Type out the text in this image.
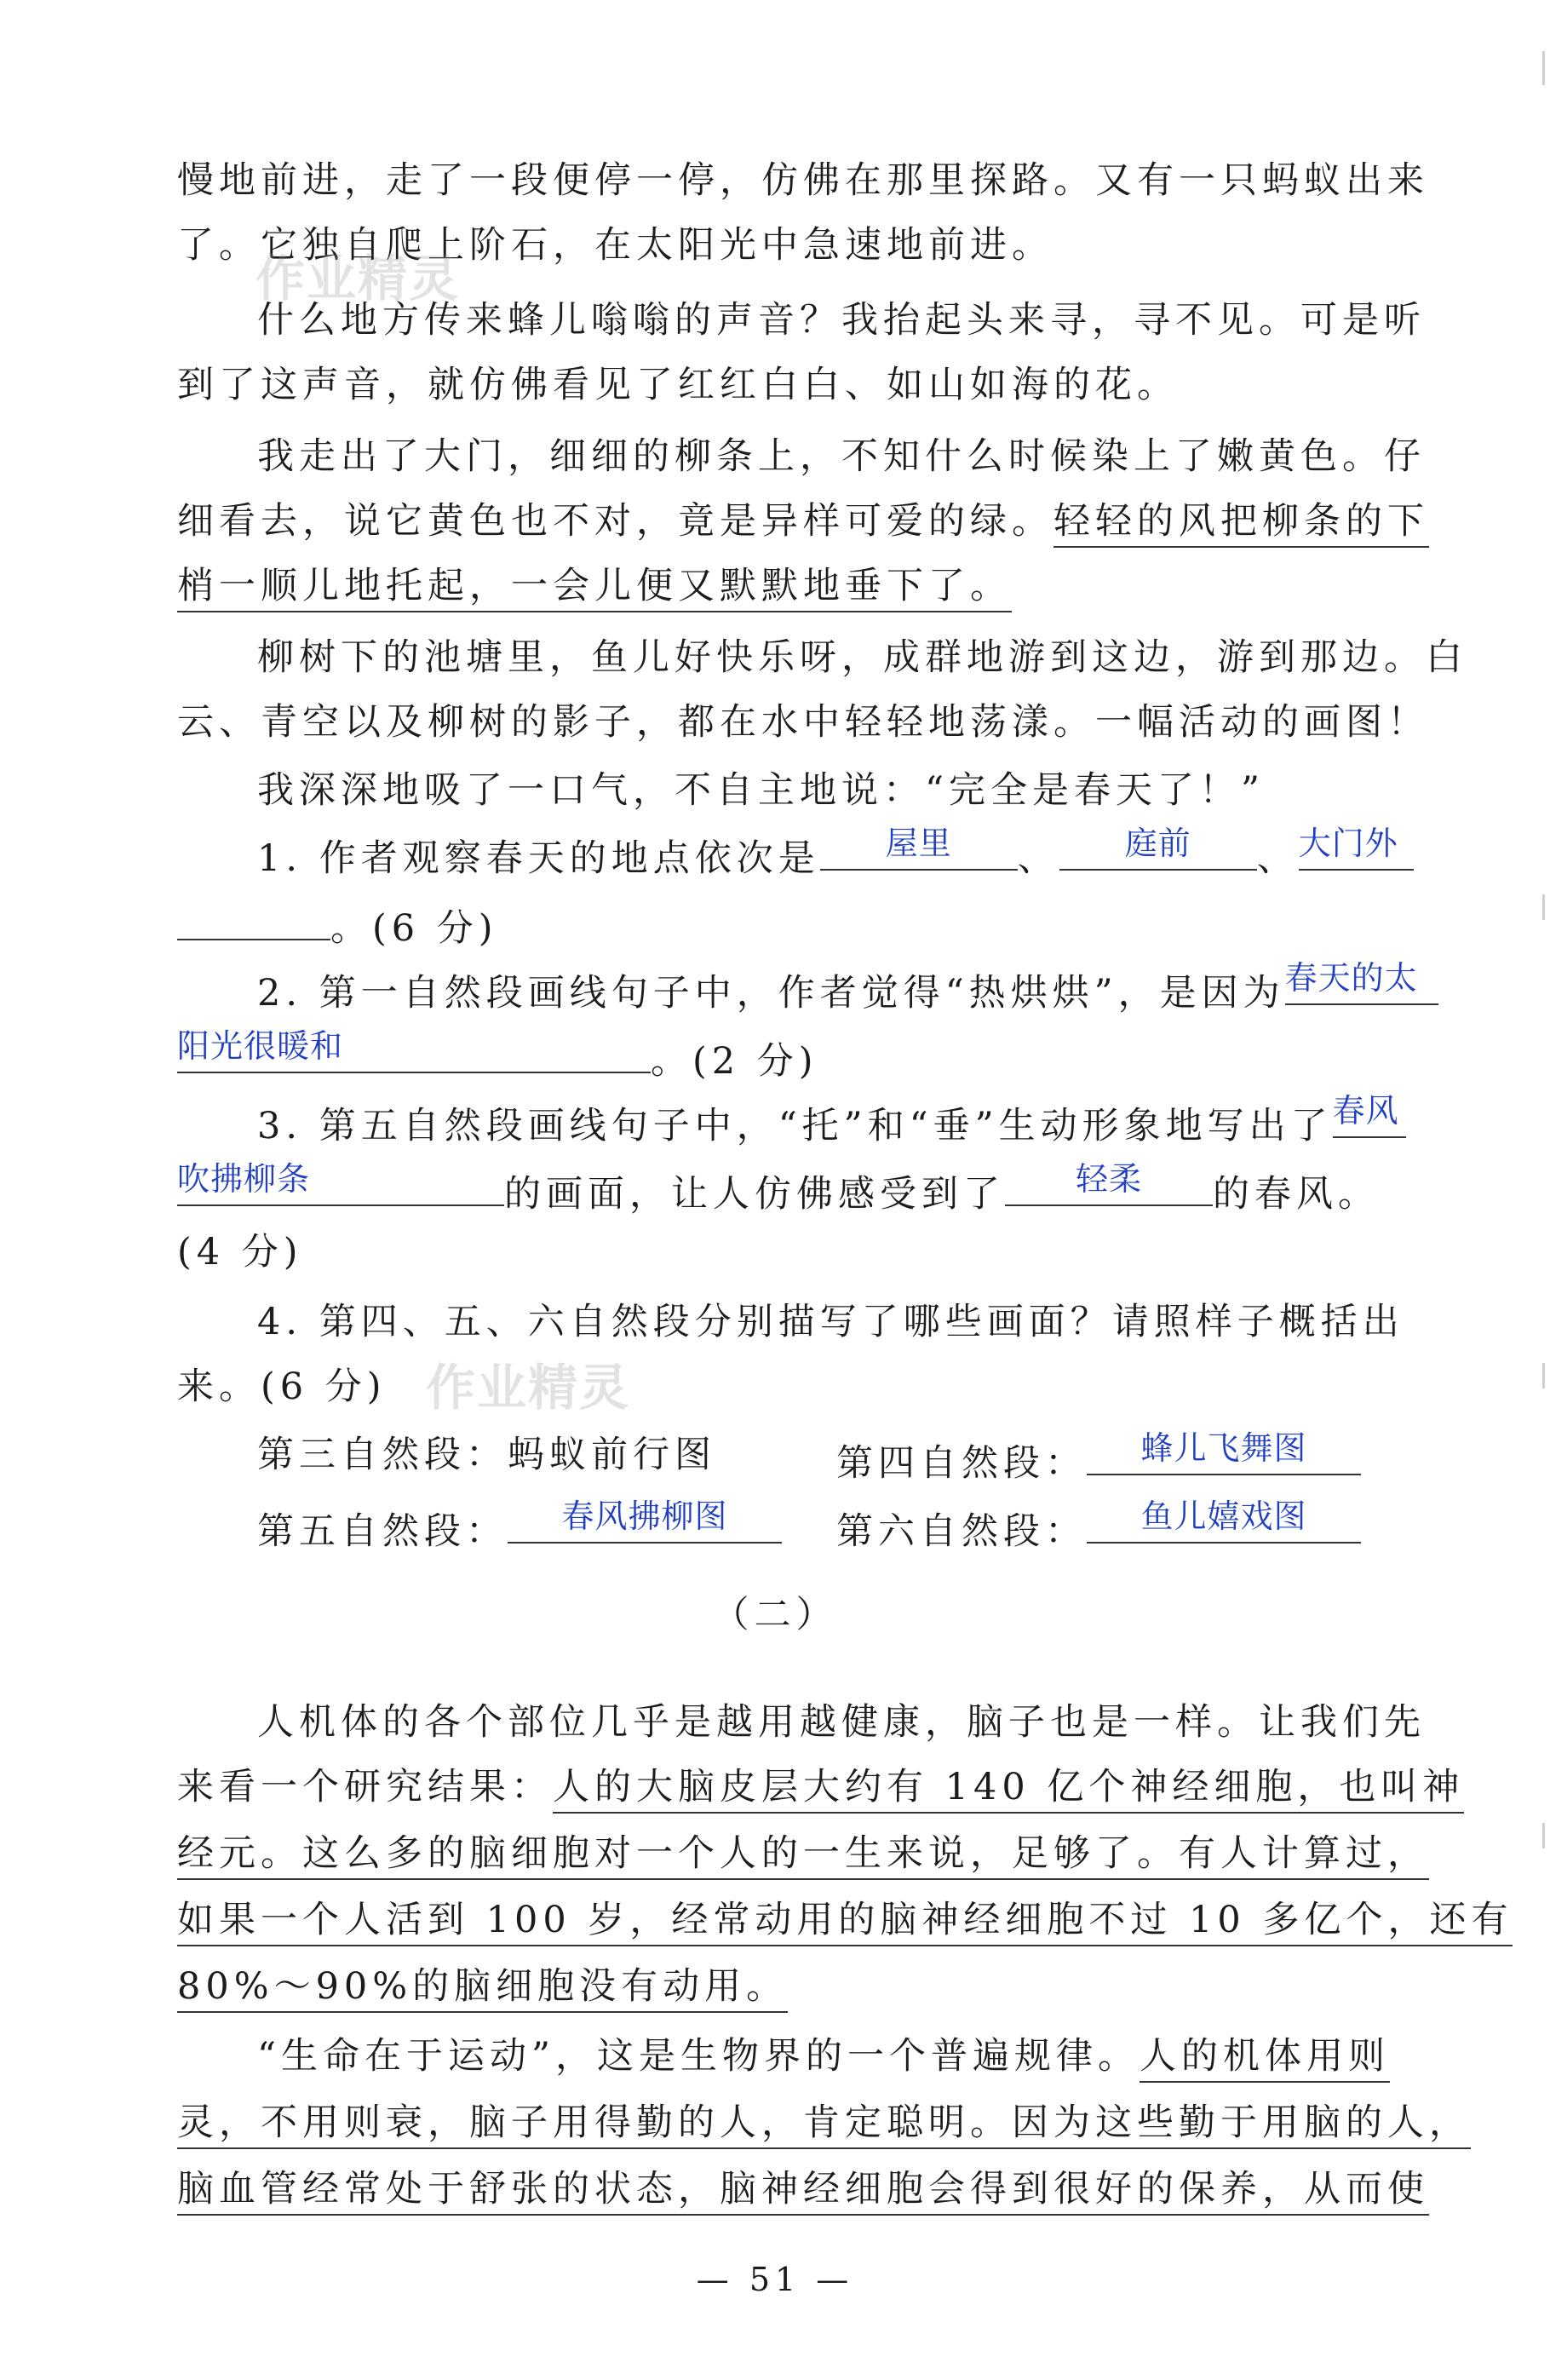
慢地前进，走了一段便停一停，仿佛在那里探路。又有一只蚂蚁出来
了。它独自爬上阶石，在太阳光中急速地前进。
什么地方传来蜂儿嗡嗡的声音？我抬起头来寻，寻不见。可是听
到了这声音，就仿佛看见了红红白白、如山如海的花。
我走出了大门，细细的柳条上，不知什么时候染上了嫩黄色。仔
细看去，说它黄色也不对，竟是异样可爱的绿。轻轻的风把柳条的下
梢一顺儿地托起，一会儿便又默默地垂下了。
柳树下的池塘里，鱼儿好快乐呀，成群地游到这边，游到那边。白
云、青空以及柳树的影子，都在水中轻轻地荡漾。一幅活动的画图！
我深深地吸了一口气，不自主地说：“完全是春天了！”
1. 作者观察春天的地点依次是	屋里	、	庭前	、 大门外
。(6 分)
2. 第一自然段画线句子中，作者觉得“热烘烘”，是因为 春天的太
阳光很暖和	。(2 分)
3. 第五自然段画线句子中，“托”和“垂”生动形象地写出了 春风
吹拂柳条	的画面，让人仿佛感受到了	轻柔	的春风。
(4 分)
4. 第四、五、六自然段分别描写了哪些画面？请照样子概括出
来。(6 分)
第三自然段：蚂蚁前行图	第四自然段：	蜂儿飞舞图
第五自然段：	春风拂柳图	第六自然段：	鱼儿嬉戏图
（二）
人机体的各个部位几乎是越用越健康，脑子也是一样。让我们先
来看一个研究结果：人的大脑皮层大约有 140 亿个神经细胞，也叫神
经元。这么多的脑细胞对一个人的一生来说，足够了。有人计算过，
如果一个人活到 100 岁，经常动用的脑神经细胞不过 10 多亿个，还有
80%～90%的脑细胞没有动用。
“生命在于运动”，这是生物界的一个普遍规律。人的机体用则
灵，不用则衰，脑子用得勤的人，肯定聪明。因为这些勤于用脑的人，
脑血管经常处于舒张的状态，脑神经细胞会得到很好的保养，从而使
— 51 —
作业精灵
作业精灵
